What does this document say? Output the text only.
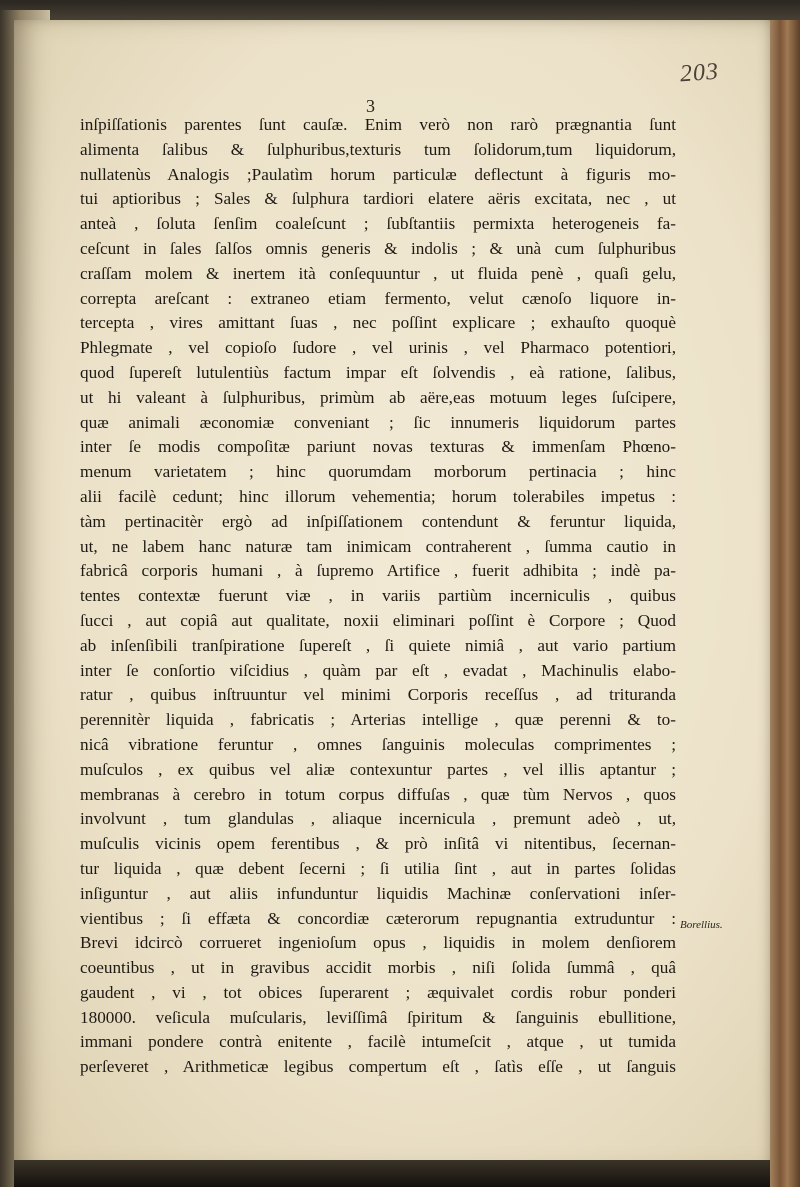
203

3

inſpiſſationis parentes ſunt cauſæ. Enim verò non rarò prægnantia ſunt
alimenta ſalibus & ſulphuribus,texturis tum ſolidorum,tum liquidorum,
nullatenùs Analogis ;Paulatìm horum particulæ deflectunt à figuris mo-
tui aptioribus ; Sales & ſulphura tardiori elatere aëris excitata, nec , ut
anteà , ſoluta ſenſim coaleſcunt ; ſubſtantiis permixta heterogeneis fa-
ceſcunt in ſales ſalſos omnis generis & indolis ; & unà cum ſulphuribus
craſſam molem & inertem ità conſequuntur , ut fluida penè , quaſi gelu,
correpta areſcant : extraneo etiam fermento, velut cænoſo liquore in-
tercepta , vires amittant ſuas , nec poſſint explicare ; exhauſto quoquè
Phlegmate , vel copioſo ſudore , vel urinis , vel Pharmaco potentiori,
quod ſupereſt lutulentiùs factum impar eſt ſolvendis , eà ratione, ſalibus,
ut hi valeant à ſulphuribus, primùm ab aëre,eas motuum leges ſuſcipere,
quæ animali æconomiæ conveniant ; ſic innumeris liquidorum partes
inter ſe modis compoſitæ pariunt novas texturas & immenſam Phœno-
menum varietatem ; hinc quorumdam morborum pertinacia ; hinc
alii facilè cedunt; hinc illorum vehementia; horum tolerabiles impetus :
tàm pertinacitèr ergò ad inſpiſſationem contendunt & feruntur liquida,
ut, ne labem hanc naturæ tam inimicam contraherent , ſumma cautio in
fabricâ corporis humani , à ſupremo Artifice , fuerit adhibita ; indè pa-
tentes contextæ fuerunt viæ , in variis partiùm incerniculis , quibus
ſucci , aut copiâ aut qualitate, noxii eliminari poſſint è Corpore ; Quod
ab inſenſibili tranſpiratione ſupereſt , ſi quiete nimiâ , aut vario partium
inter ſe conſortio viſcidius , quàm par eſt , evadat , Machinulis elabo-
ratur , quibus inſtruuntur vel minimi Corporis receſſus , ad trituranda
perennitèr liquida , fabricatis ; Arterias intellige , quæ perenni & to-
nicâ vibratione feruntur , omnes ſanguinis moleculas comprimentes ;
muſculos , ex quibus vel aliæ contexuntur partes , vel illis aptantur ;
membranas à cerebro in totum corpus diffuſas , quæ tùm Nervos , quos
involvunt , tum glandulas , aliaque incernicula , premunt adeò , ut,
muſculis vicinis opem ferentibus , & prò inſitâ vi nitentibus, ſecernan-
tur liquida , quæ debent ſecerni ; ſi utilia ſint , aut in partes ſolidas
inſiguntur , aut aliis infunduntur liquidis Machinæ conſervationi inſer-
vientibus ; ſi effæta & concordiæ cæterorum repugnantia extruduntur :
Brevi idcircò corrueret ingenioſum opus , liquidis in molem denſiorem
coeuntibus , ut in gravibus accidit morbis , niſi ſolida ſummâ , quâ
gaudent , vi , tot obices ſuperarent ; æquivalet cordis robur ponderi
180000. veſicula muſcularis, leviſſimâ ſpiritum & ſanguinis ebullitione,
immani pondere contrà enitente , facilè intumeſcit , atque , ut tumida
perſeveret , Arithmeticæ legibus compertum eſt , ſatìs eſſe , ut ſanguis

Borellius.
